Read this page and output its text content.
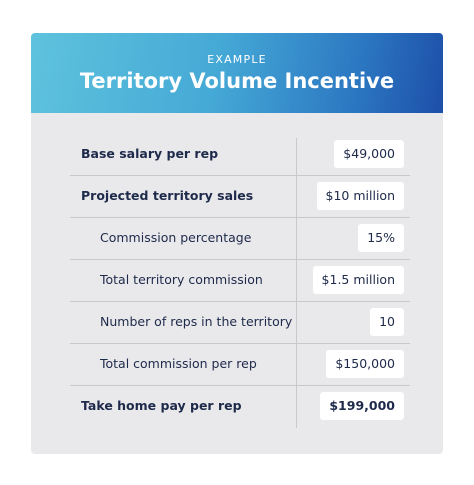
EXAMPLE
Territory Volume Incentive
Base salary per rep	$49,000
Projected territory sales	$10 million
Commission percentage	15%
Total territory commission	$1.5 million
Number of reps in the territory	10
Total commission per rep	$150,000
Take home pay per rep	$199,000
